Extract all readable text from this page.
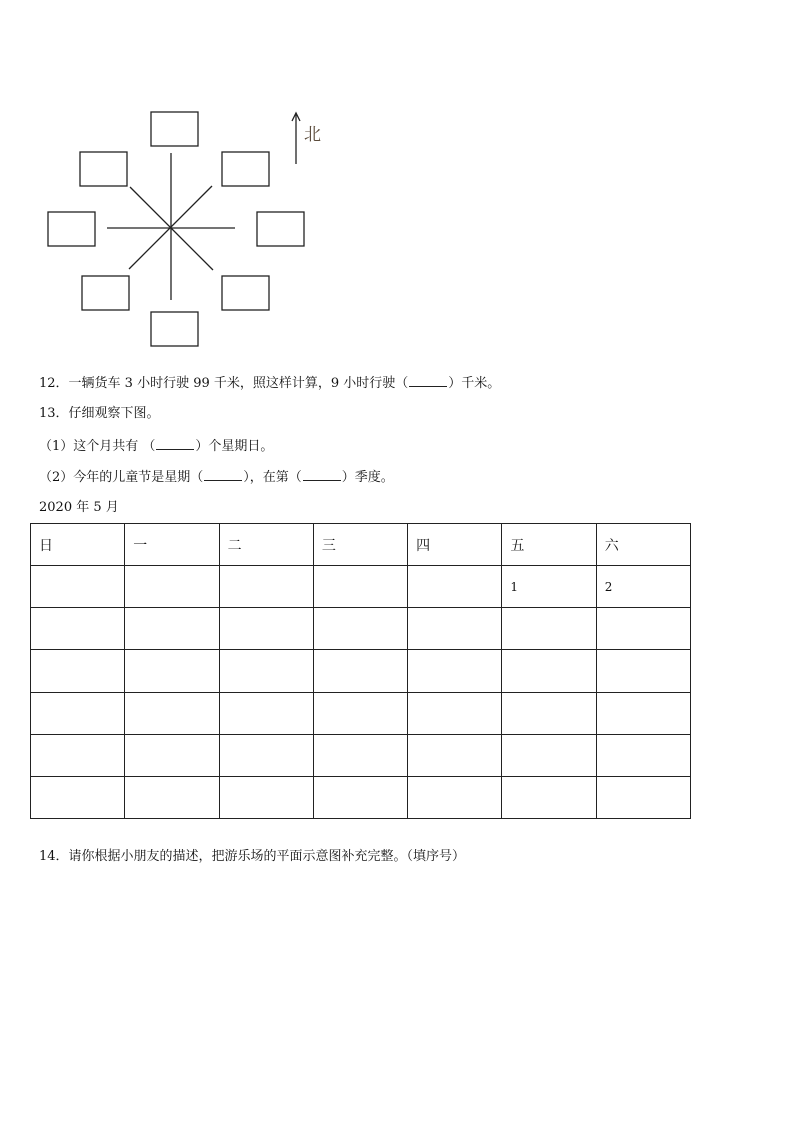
北
12．一辆货车 3 小时行驶 99 千米，照这样计算，9 小时行驶（	）千米。
13．仔细观察下图。
（1）这个月共有 （	）个星期日。
（2）今年的儿童节是星期（	），在第（	）季度。
2020 年 5 月
日	一	二	三	四	五	六
					1	2

14．请你根据小朋友的描述，把游乐场的平面示意图补充完整。（填序号）
